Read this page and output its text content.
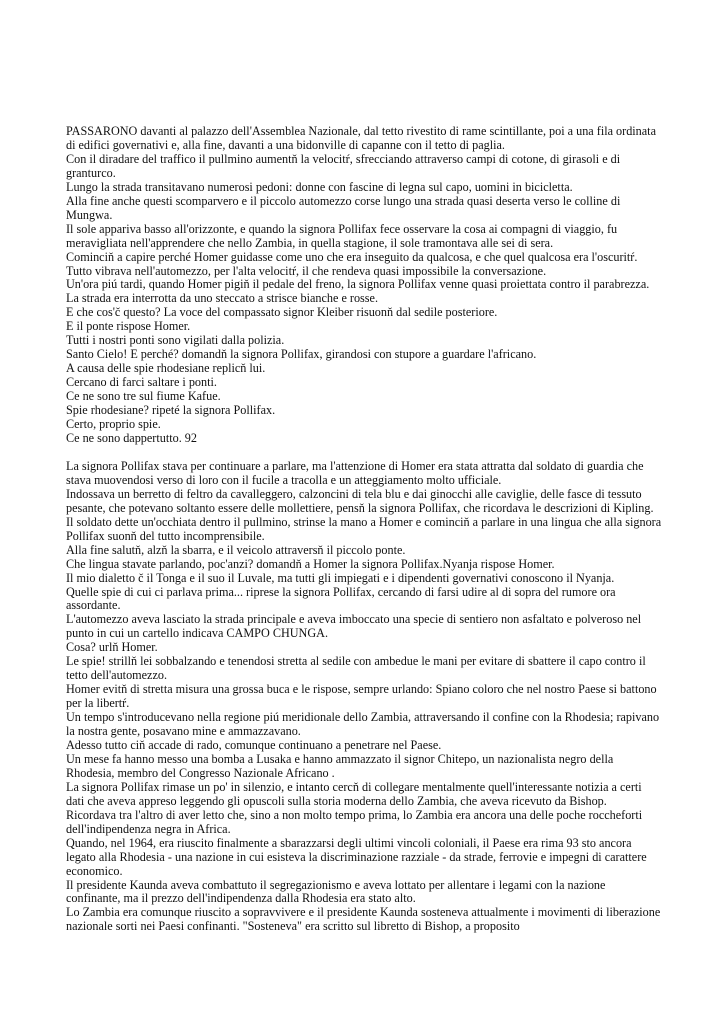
PASSARONO davanti al palazzo dell'Assemblea Nazionale, dal tetto rivestito di rame scintillante, poi a una fila ordinata di edifici governativi e, alla fine, davanti a una bidonville di capanne con il tetto di paglia.

Con il diradare del traffico il pullmino aumentň la velocitŕ, sfrecciando attraverso campi di cotone, di girasoli e di granturco.

Lungo la strada transitavano numerosi pedoni: donne con fascine di legna sul capo, uomini in bicicletta.

Alla fine anche questi scomparvero e il piccolo automezzo corse lungo una strada quasi deserta verso le colline di Mungwa.

Il sole appariva basso all'orizzonte, e quando la signora Pollifax fece osservare la cosa ai compagni di viaggio, fu meravigliata nell'apprendere che nello Zambia, in quella stagione, il sole tramontava alle sei di sera.

Cominciň a capire perché Homer guidasse come uno che era inseguito da qualcosa, e che quel qualcosa era l'oscuritŕ.

Tutto vibrava nell'automezzo, per l'alta velocitŕ, il che rendeva quasi impossibile la conversazione.

Un'ora piú tardi, quando Homer pigiň il pedale del freno, la signora Pollifax venne quasi proiettata contro il parabrezza.

La strada era interrotta da uno steccato a strisce bianche e rosse.

E che cos'č questo? La voce del compassato signor Kleiber risuonň dal sedile posteriore.

E il ponte rispose Homer.

Tutti i nostri ponti sono vigilati dalla polizia.

Santo Cielo! E perché? domandň la signora Pollifax, girandosi con stupore a guardare l'africano.

A causa delle spie rhodesiane replicň lui.

Cercano di farci saltare i ponti.

Ce ne sono tre sul fiume Kafue.

Spie rhodesiane? ripeté la signora Pollifax.

Certo, proprio spie.

Ce ne sono dappertutto. 92

La signora Pollifax stava per continuare a parlare, ma l'attenzione di Homer era stata attratta dal soldato di guardia che stava muovendosi verso di loro con il fucile a tracolla e un atteggiamento molto ufficiale.

Indossava un berretto di feltro da cavalleggero, calzoncini di tela blu e dai ginocchi alle caviglie, delle fasce di tessuto pesante, che potevano soltanto essere delle mollettiere, pensň la signora Pollifax, che ricordava le descrizioni di Kipling.

Il soldato dette un'occhiata dentro il pullmino, strinse la mano a Homer e cominciň a parlare in una lingua che alla signora Pollifax suonň del tutto incomprensibile.

Alla fine salutň, alzň la sbarra, e il veicolo attraversň il piccolo ponte.

Che lingua stavate parlando, poc'anzi? domandň a Homer la signora Pollifax.Nyanja rispose Homer.

Il mio dialetto č il Tonga e il suo il Luvale, ma tutti gli impiegati e i dipendenti governativi conoscono il Nyanja.

Quelle spie di cui ci parlava prima... riprese la signora Pollifax, cercando di farsi udire al di sopra del rumore ora assordante.

L'automezzo aveva lasciato la strada principale e aveva imboccato una specie di sentiero non asfaltato e polveroso nel punto in cui un cartello indicava CAMPO CHUNGA.

Cosa? urlň Homer.

Le spie! strillň lei sobbalzando e tenendosi stretta al sedile con ambedue le mani per evitare di sbattere il capo contro il tetto dell'automezzo.

Homer evitň di stretta misura una grossa buca e le rispose, sempre urlando: Spiano coloro che nel nostro Paese si battono per la libertŕ.

Un tempo s'introducevano nella regione piú meridionale dello Zambia, attraversando il confine con la Rhodesia; rapivano la nostra gente, posavano mine e ammazzavano.

Adesso tutto ciň accade di rado, comunque continuano a penetrare nel Paese.

Un mese fa hanno messo una bomba a Lusaka e hanno ammazzato il signor Chitepo, un nazionalista negro della Rhodesia, membro del Congresso Nazionale Africano .

La signora Pollifax rimase un po' in silenzio, e intanto cercň di collegare mentalmente quell'interessante notizia a certi dati che aveva appreso leggendo gli opuscoli sulla storia moderna dello Zambia, che aveva ricevuto da Bishop.

Ricordava tra l'altro di aver letto che, sino a non molto tempo prima, lo Zambia era ancora una delle poche roccheforti dell'indipendenza negra in Africa.

Quando, nel 1964, era riuscito finalmente a sbarazzarsi degli ultimi vincoli coloniali, il Paese era rima 93 sto ancora legato alla Rhodesia - una nazione in cui esisteva la discriminazione razziale - da strade, ferrovie e impegni di carattere economico.

Il presidente Kaunda aveva combattuto il segregazionismo e aveva lottato per allentare i legami con la nazione confinante, ma il prezzo dell'indipendenza dalla Rhodesia era stato alto.

Lo Zambia era comunque riuscito a sopravvivere e il presidente Kaunda sosteneva attualmente i movimenti di liberazione nazionale sorti nei Paesi confinanti. "Sosteneva" era scritto sul libretto di Bishop, a proposito
